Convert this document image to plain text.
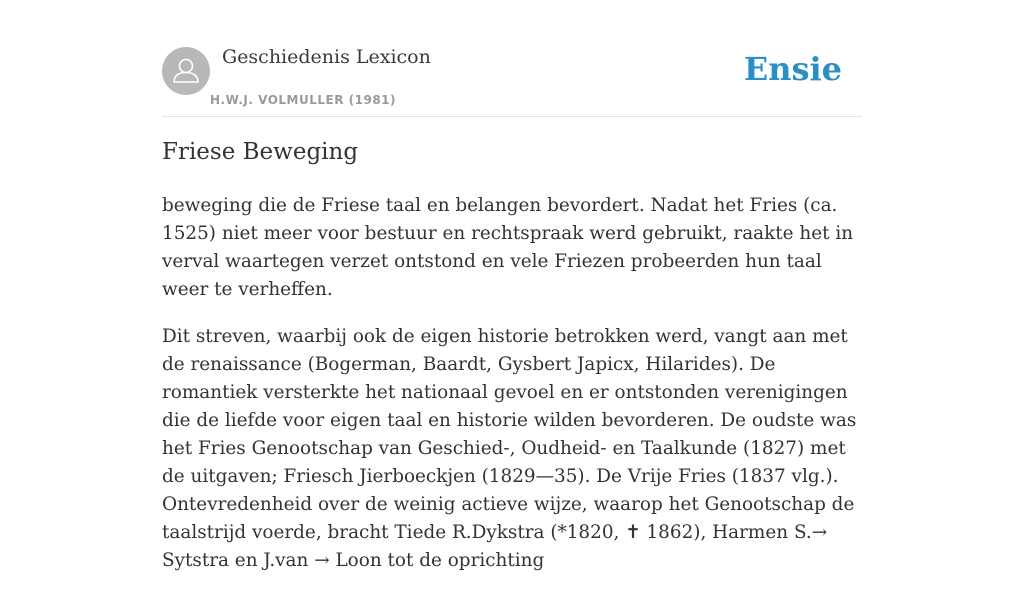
Geschiedenis Lexicon
H.W.J. VOLMULLER (1981)
Ensie
Friese Beweging

beweging die de Friese taal en belangen bevordert. Nadat het Fries (ca. 1525) niet meer voor bestuur en rechtspraak werd gebruikt, raakte het in verval waartegen verzet ontstond en vele Friezen probeerden hun taal weer te verheffen.

Dit streven, waarbij ook de eigen historie betrokken werd, vangt aan met de renaissance (Bogerman, Baardt, Gysbert Japicx, Hilarides). De romantiek versterkte het nationaal gevoel en er ontstonden verenigingen die de liefde voor eigen taal en historie wilden bevorderen. De oudste was het Fries Genootschap van Geschied-, Oudheid- en Taalkunde (1827) met de uitgaven; Friesch Jierboeckjen (1829—35). De Vrije Fries (1837 vlg.). Ontevredenheid over de weinig actieve wijze, waarop het Genootschap de taalstrijd voerde, bracht Tiede R.Dykstra (*1820, ✝ 1862), Harmen S.→ Sytstra en J.van → Loon tot de oprichting
